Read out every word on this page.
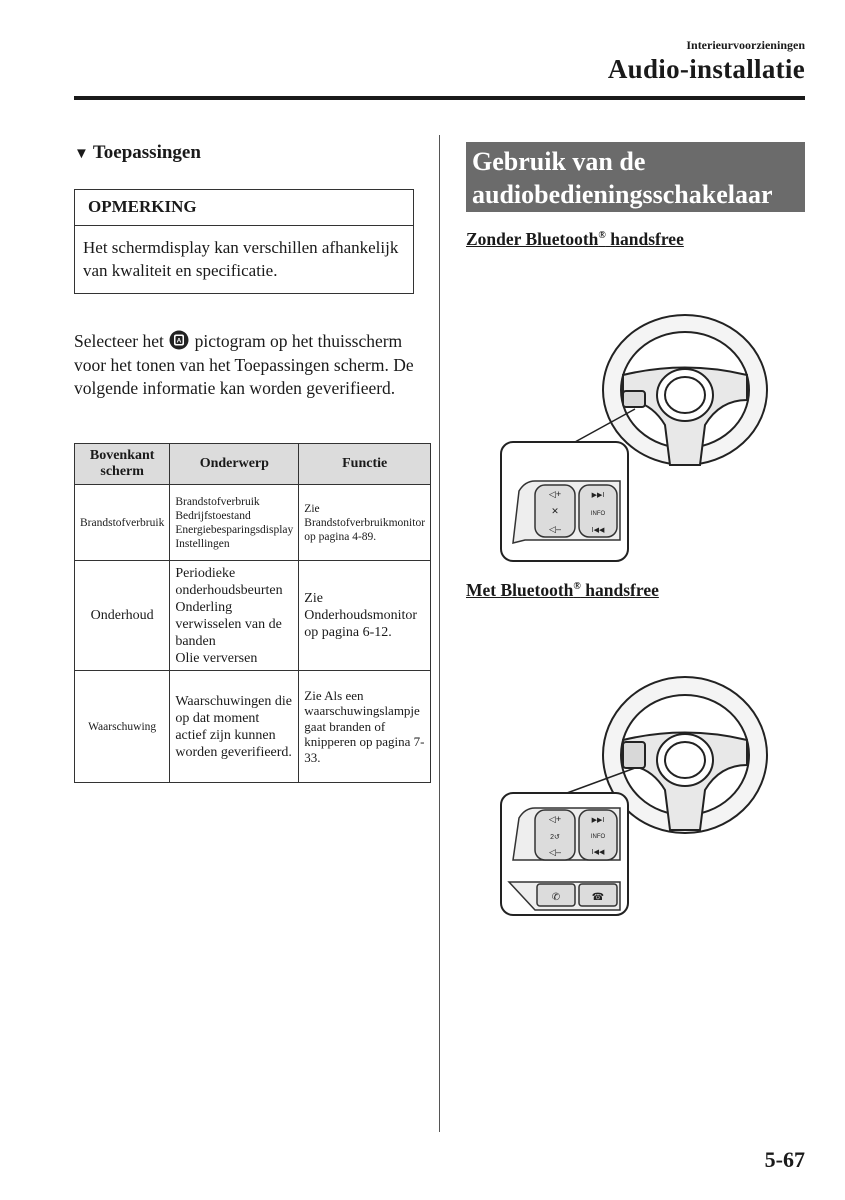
Interieurvoorzieningen
Audio-installatie
▼ Toepassingen
OPMERKING
Het schermdisplay kan verschillen afhankelijk van kwaliteit en specificatie.
Selecteer het A pictogram op het thuisscherm voor het tonen van het Toepassingen scherm. De volgende informatie kan worden geverifieerd.
Bovenkant scherm	Onderwerp	Functie
Brandstofverbruik	Brandstofverbruik
Bedrijfstoestand
Energiebesparingsdisplay
Instellingen	Zie Brandstofverbruikmonitor op pagina 4-89.
Onderhoud	Periodieke onderhoudsbeurten
Onderling verwisselen van de banden
Olie verversen	Zie Onderhoudsmonitor op pagina 6-12.
Waarschuwing	Waarschuwingen die op dat moment actief zijn kunnen worden geverifieerd.	Zie Als een waarschuwingslampje gaat branden of knipperen op pagina 7-33.
Gebruik van de audiobedieningsschakelaar
Zonder Bluetooth® handsfree
◁+
✕
◁–
▶▶I
INFO
I◀◀
Met Bluetooth® handsfree
◁+
2↺
◁–
▶▶I
INFO
I◀◀
✆	☎
5-67
